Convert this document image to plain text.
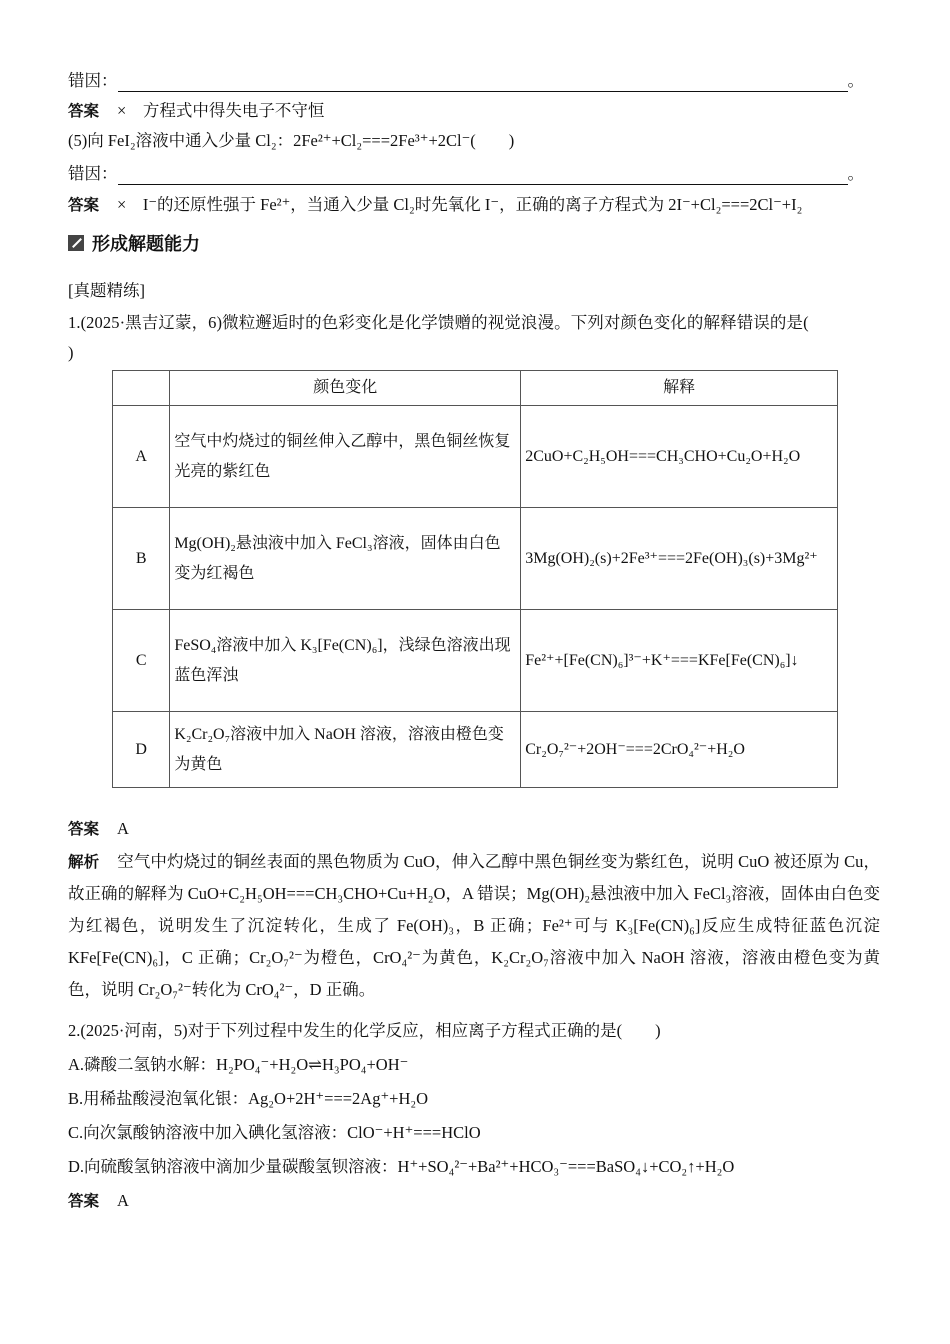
错因：	。
答案 ×　方程式中得失电子不守恒
(5)向 FeI₂溶液中通入少量 Cl₂：2Fe²⁺+Cl₂===2Fe³⁺+2Cl⁻(　　)
错因：	。
答案 ×　I⁻的还原性强于 Fe²⁺，当通入少量 Cl₂时先氧化 I⁻，正确的离子方程式为 2I⁻+Cl₂===2Cl⁻+I₂
形成解题能力
[真题精练]
1.(2025·黑吉辽蒙，6)微粒邂逅时的色彩变化是化学馈赠的视觉浪漫。下列对颜色变化的解释错误的是(
)
	颜色变化	解释
A	空气中灼烧过的铜丝伸入乙醇中，黑色铜丝恢复光亮的紫红色	2CuO+C₂H₅OH===CH₃CHO+Cu₂O+H₂O
B	Mg(OH)₂悬浊液中加入 FeCl₃溶液，固体由白色变为红褐色	3Mg(OH)₂(s)+2Fe³⁺===2Fe(OH)₃(s)+3Mg²⁺
C	FeSO₄溶液中加入 K₃[Fe(CN)₆]，浅绿色溶液出现蓝色浑浊	Fe²⁺+[Fe(CN)₆]³⁻+K⁺===KFe[Fe(CN)₆]↓
D	K₂Cr₂O₇溶液中加入 NaOH 溶液，溶液由橙色变为黄色	Cr₂O₇²⁻+2OH⁻===2CrO₄²⁻+H₂O
答案 A
解析 空气中灼烧过的铜丝表面的黑色物质为 CuO，伸入乙醇中黑色铜丝变为紫红色，说明 CuO 被还原为 Cu，故正确的解释为 CuO+C₂H₅OH===CH₃CHO+Cu+H₂O，A 错误；Mg(OH)₂悬浊液中加入 FeCl₃溶液，固体由白色变为红褐色，说明发生了沉淀转化，生成了 Fe(OH)₃，B 正确；Fe²⁺可与 K₃[Fe(CN)₆]反应生成特征蓝色沉淀 KFe[Fe(CN)₆]，C 正确；Cr₂O₇²⁻为橙色，CrO₄²⁻为黄色，K₂Cr₂O₇溶液中加入 NaOH 溶液，溶液由橙色变为黄色，说明 Cr₂O₇²⁻转化为 CrO₄²⁻，D 正确。
2.(2025·河南，5)对于下列过程中发生的化学反应，相应离子方程式正确的是(　　)
A.磷酸二氢钠水解：H₂PO₄⁻+H₂O⇌H₃PO₄+OH⁻
B.用稀盐酸浸泡氧化银：Ag₂O+2H⁺===2Ag⁺+H₂O
C.向次氯酸钠溶液中加入碘化氢溶液：ClO⁻+H⁺===HClO
D.向硫酸氢钠溶液中滴加少量碳酸氢钡溶液：H⁺+SO₄²⁻+Ba²⁺+HCO₃⁻===BaSO₄↓+CO₂↑+H₂O
答案 A
